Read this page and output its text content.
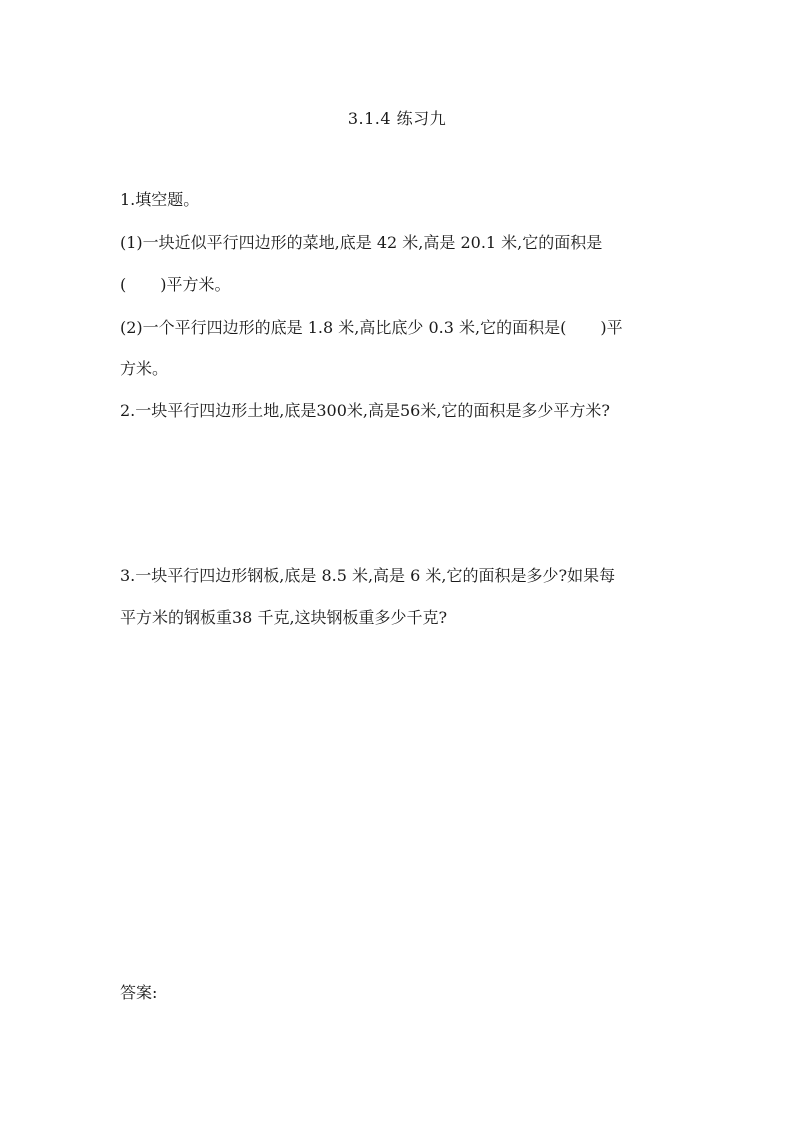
3.1.4 练习九
1.填空题。
(1)一块近似平行四边形的菜地,底是 42 米,高是 20.1 米,它的面积是
( )平方米。
(2)一个平行四边形的底是 1.8 米,高比底少 0.3 米,它的面积是( )平
方米。
2.一块平行四边形土地,底是300米,高是56米,它的面积是多少平方米?
3.一块平行四边形钢板,底是 8.5 米,高是 6 米,它的面积是多少?如果每
平方米的钢板重38 千克,这块钢板重多少千克?
答案:
